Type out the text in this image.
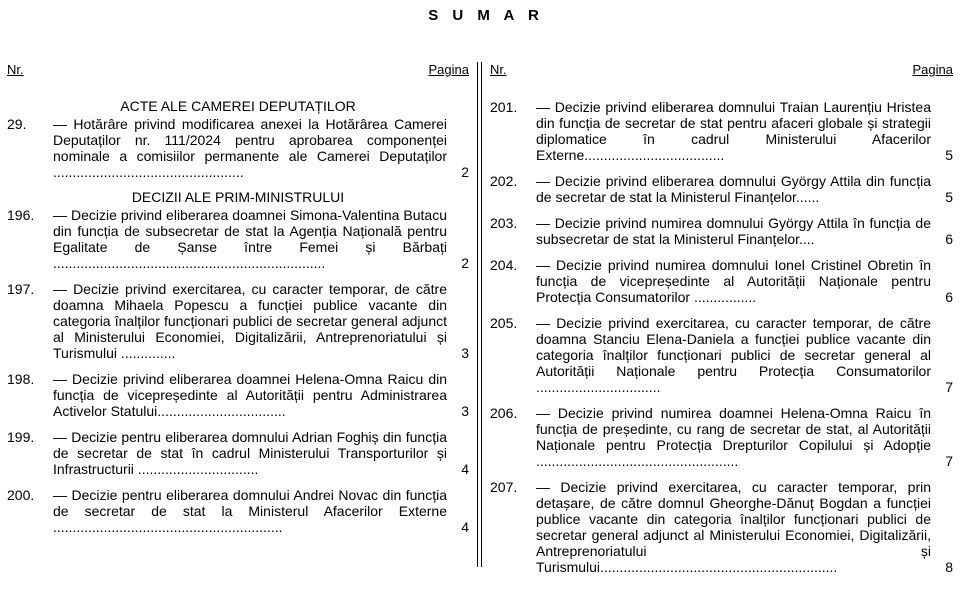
S U M A R
Nr.	Pagina
ACTE ALE CAMEREI DEPUTAȚILOR
29.	— Hotărâre privind modificarea anexei la Hotărârea Camerei Deputaților nr. 111/2024 pentru aprobarea componenței nominale a comisiilor permanente ale Camerei Deputaților .................................................	2
DECIZII ALE PRIM-MINISTRULUI
196.	— Decizie privind eliberarea doamnei Simona-Valentina Butacu din funcția de subsecretar de stat la Agenția Națională pentru Egalitate de Șanse între Femei și Bărbați ......................................................................	2
197.	— Decizie privind exercitarea, cu caracter temporar, de către doamna Mihaela Popescu a funcției publice vacante din categoria înalților funcționari publici de secretar general adjunct al Ministerului Economiei, Digitalizării, Antreprenoriatului și Turismului ..............	3
198.	— Decizie privind eliberarea doamnei Helena-Omna Raicu din funcția de vicepreședinte al Autorității pentru Administrarea Activelor Statului.................................	3
199.	— Decizie pentru eliberarea domnului Adrian Foghiș din funcția de secretar de stat în cadrul Ministerului Transporturilor și Infrastructurii ...............................	4
200.	— Decizie pentru eliberarea domnului Andrei Novac din funcția de secretar de stat la Ministerul Afacerilor Externe ...........................................................	4
Nr.	Pagina
201.	— Decizie privind eliberarea domnului Traian Laurențiu Hristea din funcția de secretar de stat pentru afaceri globale și strategii diplomatice în cadrul Ministerului Afacerilor Externe....................................	5
202.	— Decizie privind eliberarea domnului György Attila din funcția de secretar de stat la Ministerul Finanțelor......	5
203.	— Decizie privind numirea domnului György Attila în funcția de subsecretar de stat la Ministerul Finanțelor....	6
204.	— Decizie privind numirea domnului Ionel Cristinel Obretin în funcția de vicepreședinte al Autorității Naționale pentru Protecția Consumatorilor ................	6
205.	— Decizie privind exercitarea, cu caracter temporar, de către doamna Stanciu Elena-Daniela a funcției publice vacante din categoria înalților funcționari publici de secretar general al Autorității Naționale pentru Protecția Consumatorilor ................................	7
206.	— Decizie privind numirea doamnei Helena-Omna Raicu în funcția de președinte, cu rang de secretar de stat, al Autorității Naționale pentru Protecția Drepturilor Copilului și Adopție ....................................................	7
207.	— Decizie privind exercitarea, cu caracter temporar, prin detașare, de către domnul Gheorghe-Dănuț Bogdan a funcției publice vacante din categoria înalților funcționari publici de secretar general adjunct al Ministerului Economiei, Digitalizării, Antreprenoriatului și Turismului.............................................................	8
